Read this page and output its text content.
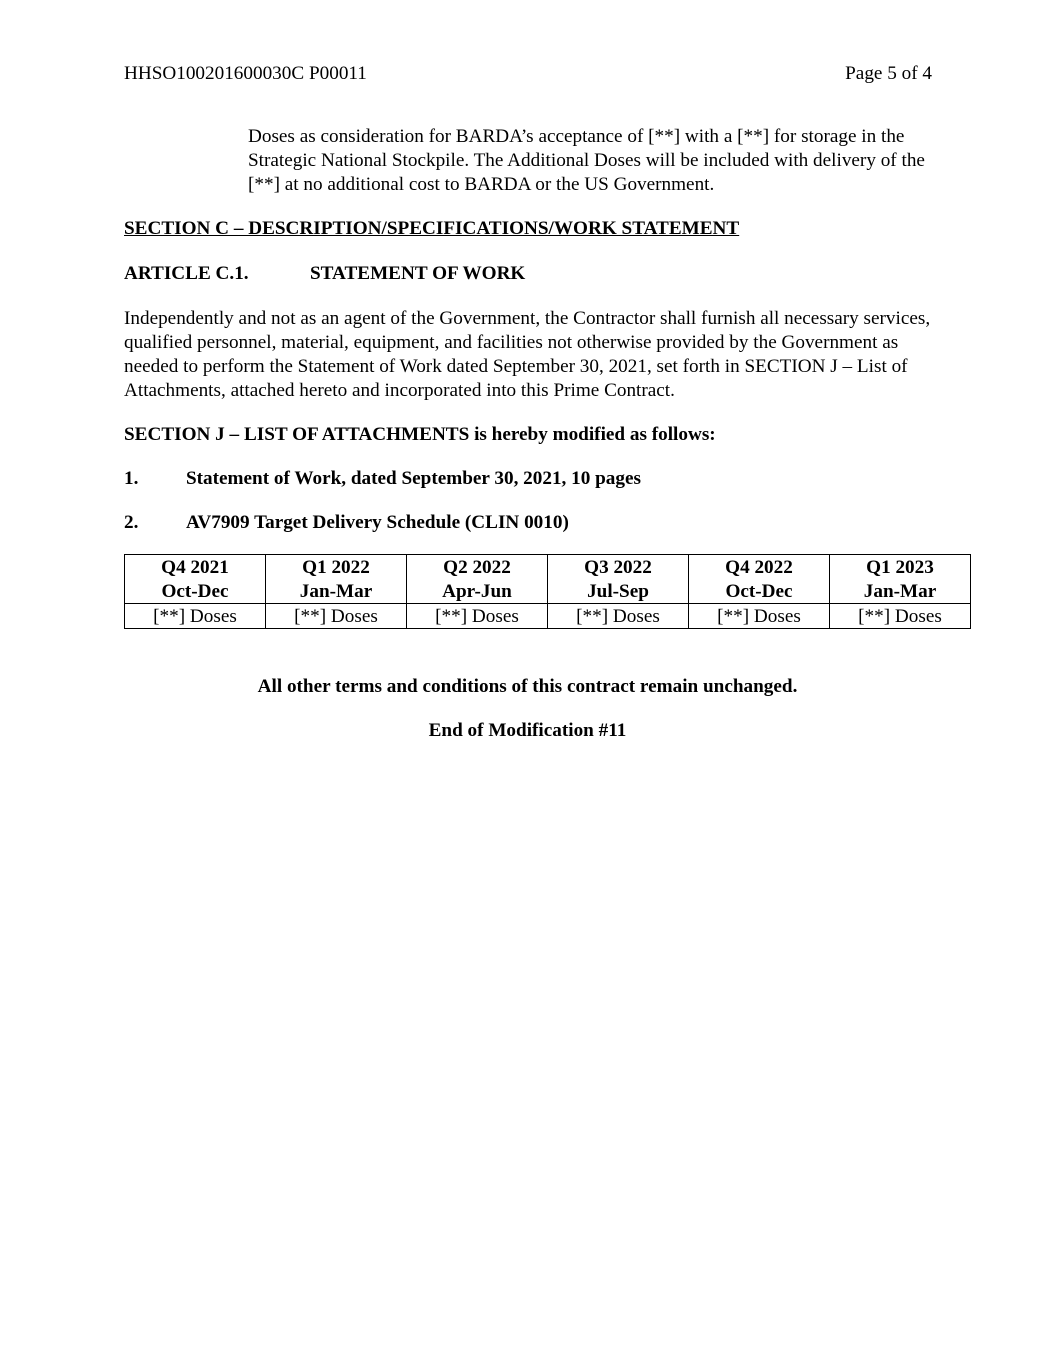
HHSO100201600030C P00011	Page 5 of 4
Doses as consideration for BARDA’s acceptance of [**] with a [**] for storage in the Strategic National Stockpile. The Additional Doses will be included with delivery of the [**] at no additional cost to BARDA or the US Government.
SECTION C – DESCRIPTION/SPECIFICATIONS/WORK STATEMENT
ARTICLE C.1.	STATEMENT OF WORK
Independently and not as an agent of the Government, the Contractor shall furnish all necessary services, qualified personnel, material, equipment, and facilities not otherwise provided by the Government as needed to perform the Statement of Work dated September 30, 2021, set forth in SECTION J – List of Attachments, attached hereto and incorporated into this Prime Contract.
SECTION J – LIST OF ATTACHMENTS is hereby modified as follows:
1.	Statement of Work, dated September 30, 2021, 10 pages
2.	AV7909 Target Delivery Schedule (CLIN 0010)
Q4 2021	Q1 2022	Q2 2022	Q3 2022	Q4 2022	Q1 2023
Oct-Dec	Jan-Mar	Apr-Jun	Jul-Sep	Oct-Dec	Jan-Mar
[**] Doses	[**] Doses	[**] Doses	[**] Doses	[**] Doses	[**] Doses
All other terms and conditions of this contract remain unchanged.
End of Modification #11
